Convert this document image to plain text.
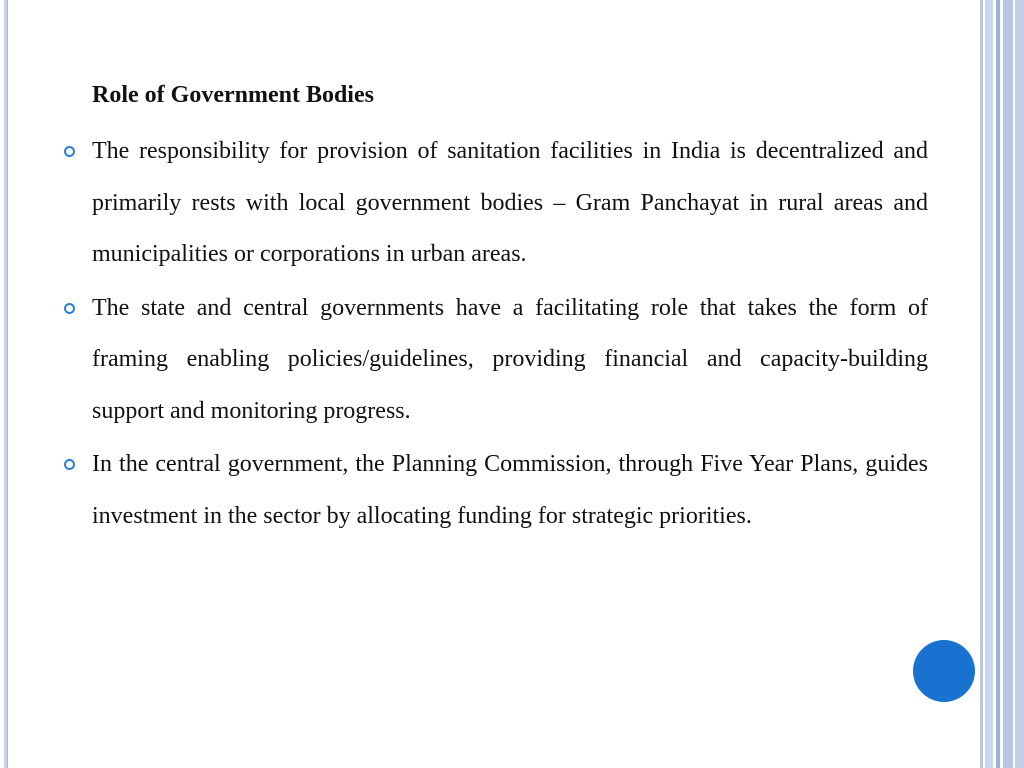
Role of Government Bodies
The responsibility for provision of sanitation facilities in India is decentralized and primarily rests with local government bodies – Gram Panchayat in rural areas and municipalities or corporations in urban areas.
The state and central governments have a facilitating role that takes the form of framing enabling policies/guidelines, providing financial and capacity-building support and monitoring progress.
In the central government, the Planning Commission, through Five Year Plans, guides investment in the sector by allocating funding for strategic priorities.
